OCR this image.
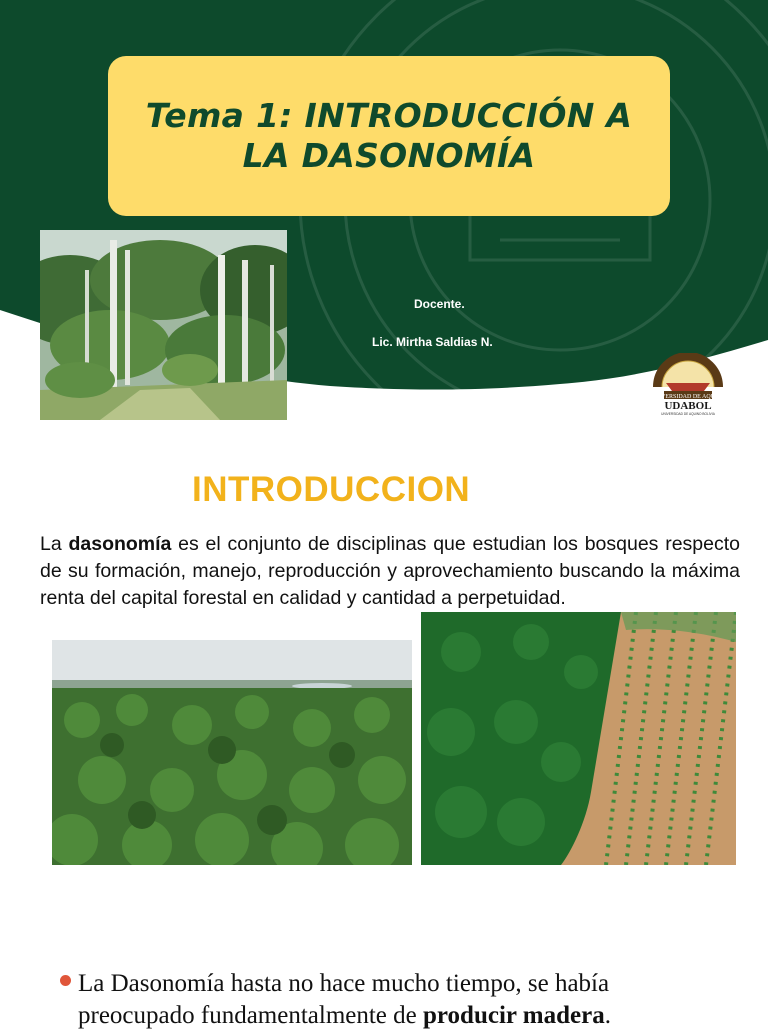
Tema 1: INTRODUCCIÓN A
LA DASONOMÍA
Docente.
Lic. Mirtha Saldias N.
UNIVERSIDAD DE AQUINO
UDABOL
UNIVERSIDAD DE AQUINO BOLIVIA
INTRODUCCION
La dasonomía es el conjunto de disciplinas que estudian los bosques respecto de su formación, manejo, reproducción y aprovechamiento buscando la máxima renta del capital forestal en calidad y cantidad a perpetuidad.
La Dasonomía hasta no hace mucho tiempo, se había
preocupado fundamentalmente de producir madera.
